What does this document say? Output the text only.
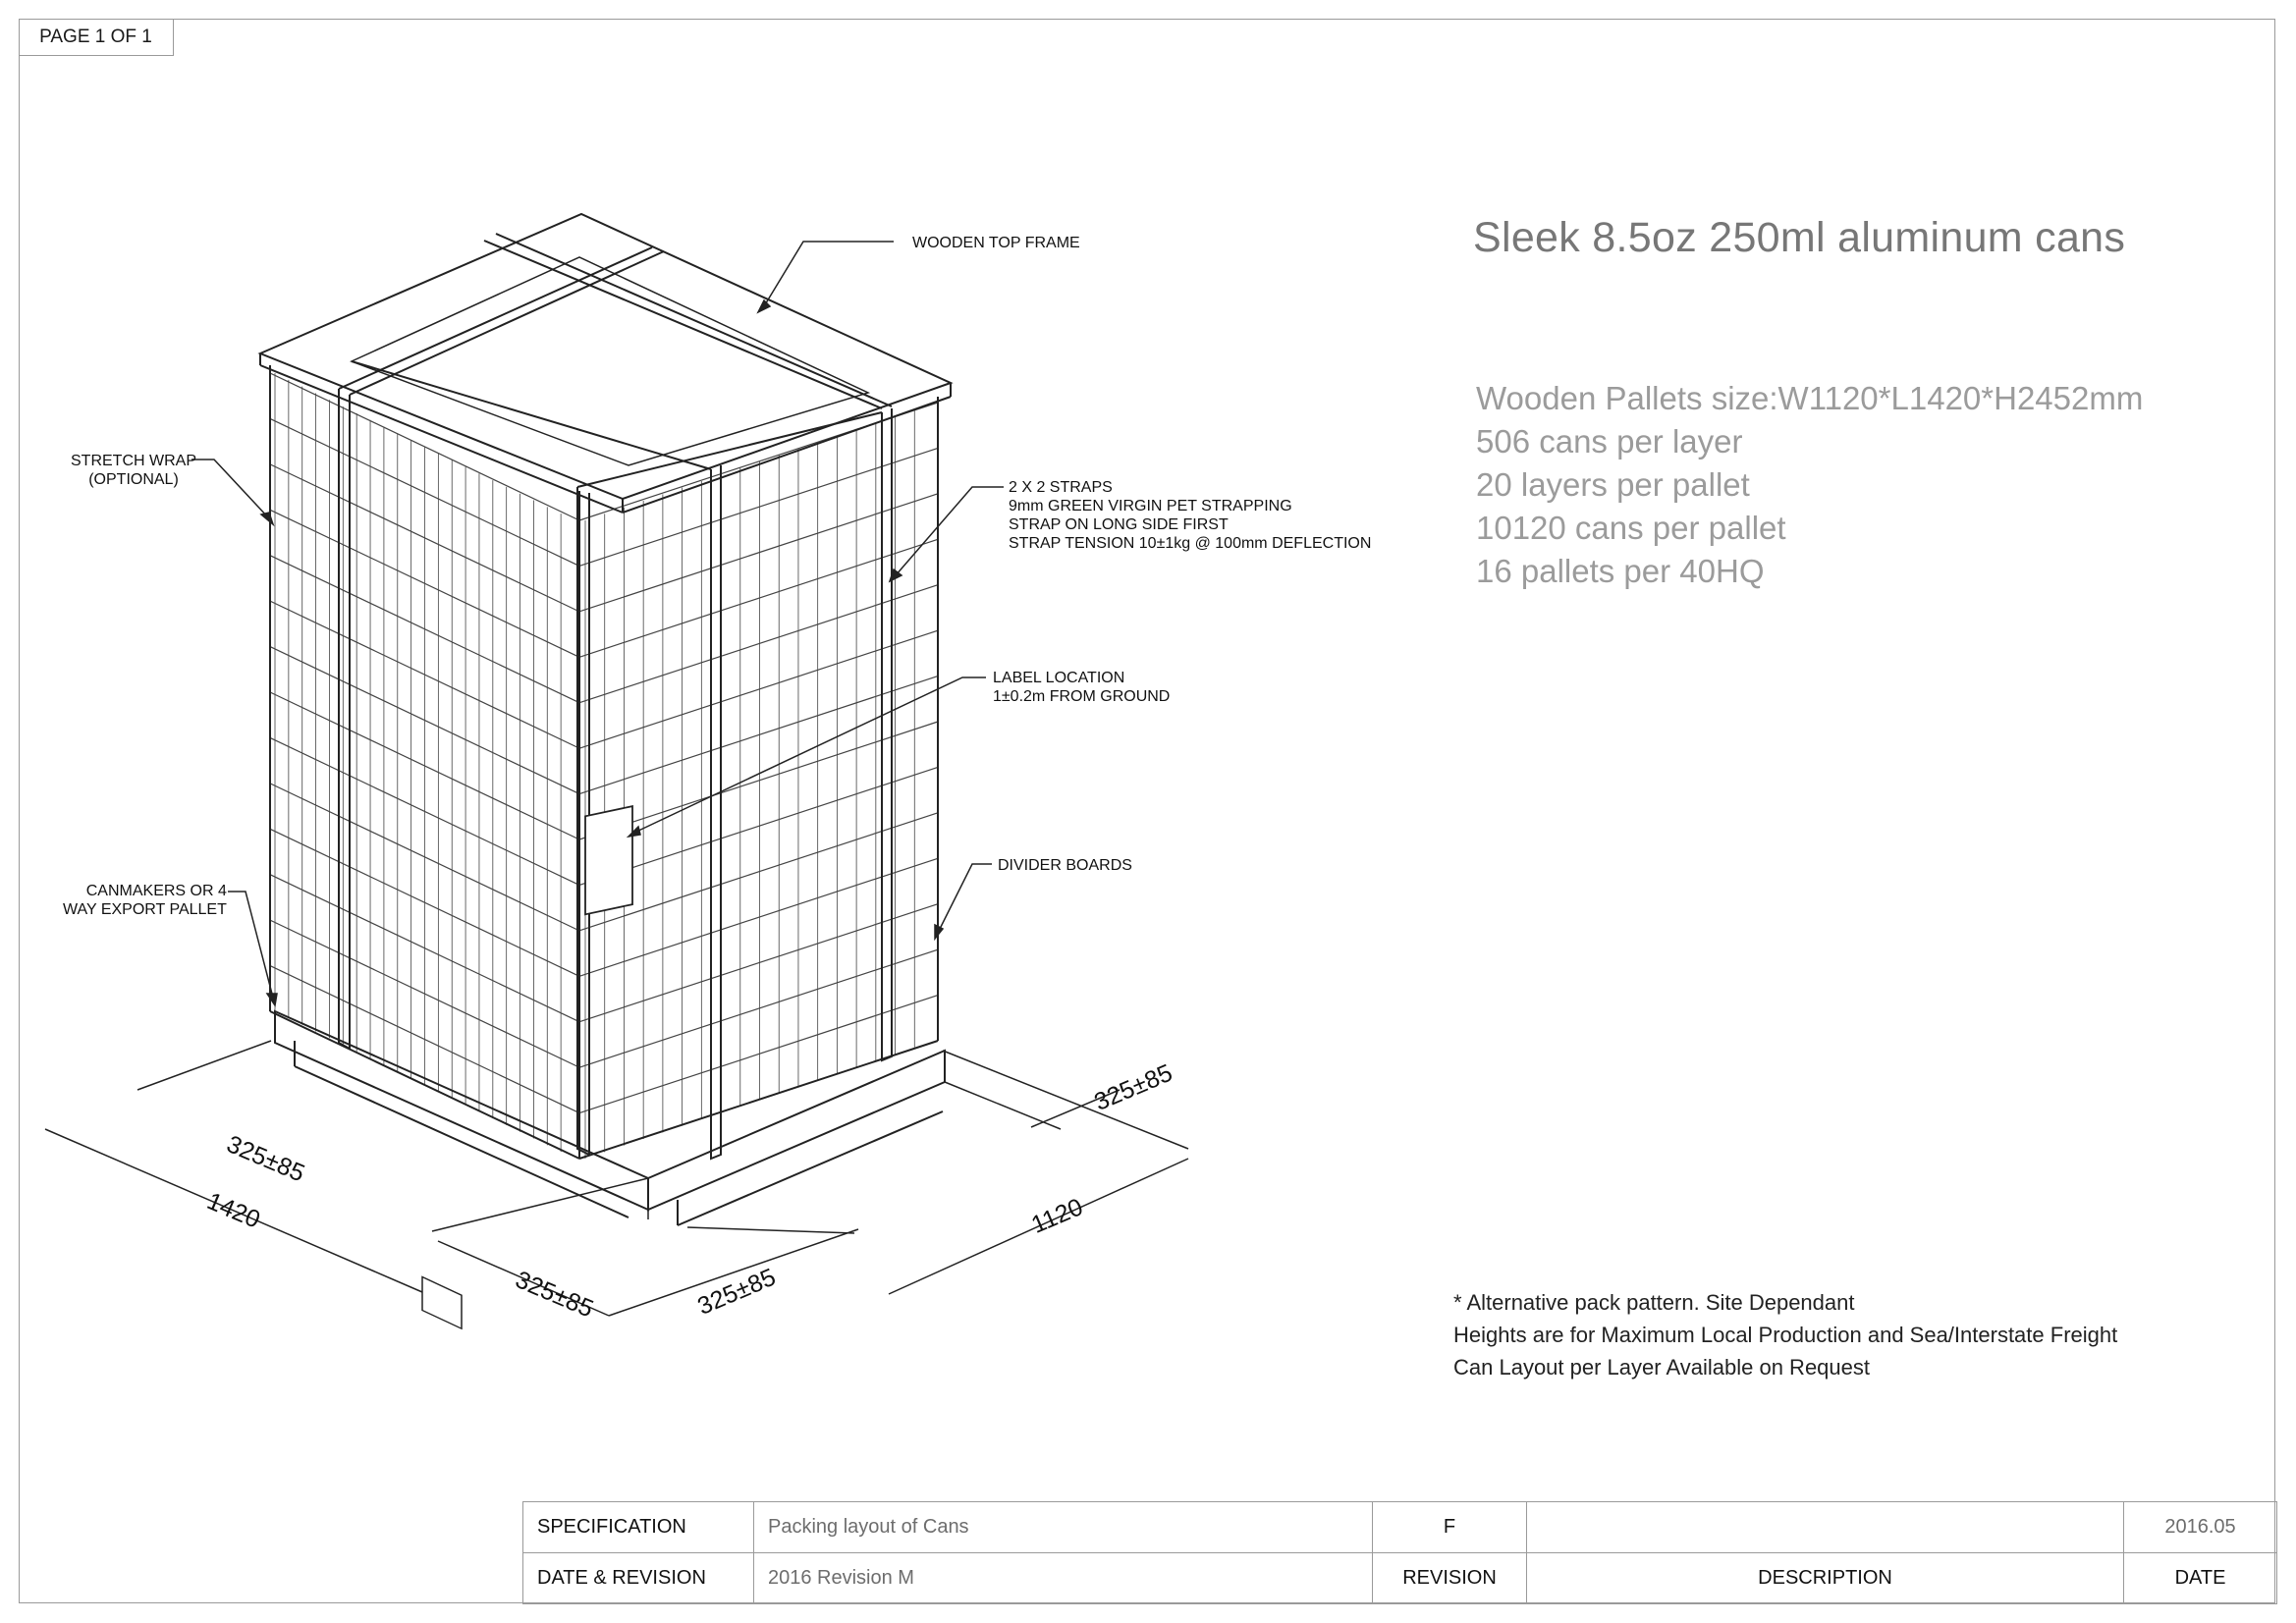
PAGE 1 OF 1
WOODEN TOP FRAME
STRETCH WRAP
(OPTIONAL)	2 X 2 STRAPS
9mm GREEN VIRGIN PET STRAPPING
STRAP ON LONG SIDE FIRST
STRAP TENSION 10±1kg @ 100mm DEFLECTION
LABEL LOCATION
1±0.2m FROM GROUND
DIVIDER BOARDS
CANMAKERS OR 4
WAY EXPORT PALLET
325±85
1420
325±85	325±85
1120
325±85
Sleek 8.5oz 250ml aluminum cans
Wooden Pallets size:W1120*L1420*H2452mm
506 cans per layer
20 layers per pallet
10120 cans per pallet
16 pallets per 40HQ
* Alternative pack pattern. Site Dependant
Heights are for Maximum Local Production and Sea/Interstate Freight
Can Layout per Layer Available on Request
SPECIFICATION	Packing layout of Cans	F		2016.05
DATE & REVISION	2016 Revision M	REVISION	DESCRIPTION	DATE
